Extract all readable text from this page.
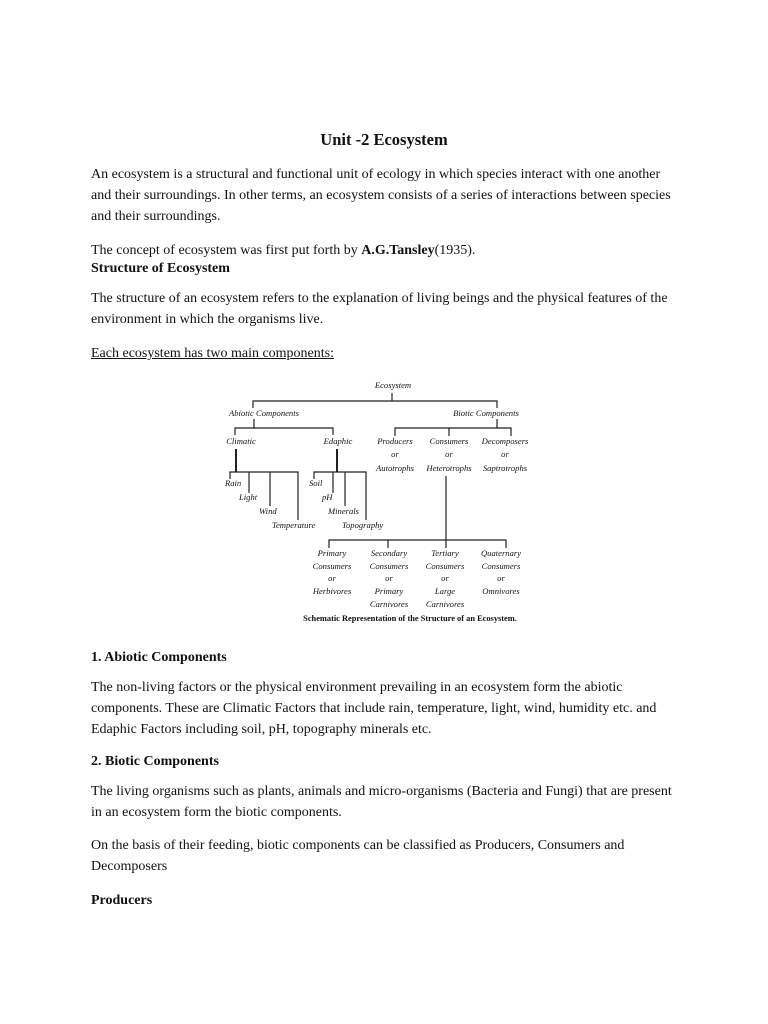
Unit -2 Ecosystem

An ecosystem is a structural and functional unit of ecology in which species interact with one another and their surroundings. In other terms, an ecosystem consists of a series of interactions between species and their surroundings.

The concept of ecosystem was first put forth by A.G.Tansley(1935).

Structure of Ecosystem

The structure of an ecosystem refers to the explanation of living beings and the physical features of the environment in which the organisms live.

Each ecosystem has two main components:

Ecosystem
Abiotic Components	Biotic Components
Climatic	Edaphic	Producers
or
Autotrophs
Consumers
or
Heterotrophs
Decomposers
or
Saptrotrophs
Rain
Light
Wind
Temperature
Soil
pH
Minerals
Topography
Primary
Consumers
or
Herbivores
Secondary
Consumers
or
Primary
Carnivores
Tertiary
Consumers
or
Large
Carnivores
Quaternary
Consumers
or
Omnivores
Schematic Representation of the Structure of an Ecosystem.

1. Abiotic Components

The non-living factors or the physical environment prevailing in an ecosystem form the abiotic components. These are Climatic Factors that include rain, temperature, light, wind, humidity etc. and Edaphic Factors including soil, pH, topography minerals etc.

2. Biotic Components

The living organisms such as plants, animals and micro-organisms (Bacteria and Fungi) that are present in an ecosystem form the biotic components.

On the basis of their feeding, biotic components can be classified as Producers, Consumers and Decomposers

Producers
